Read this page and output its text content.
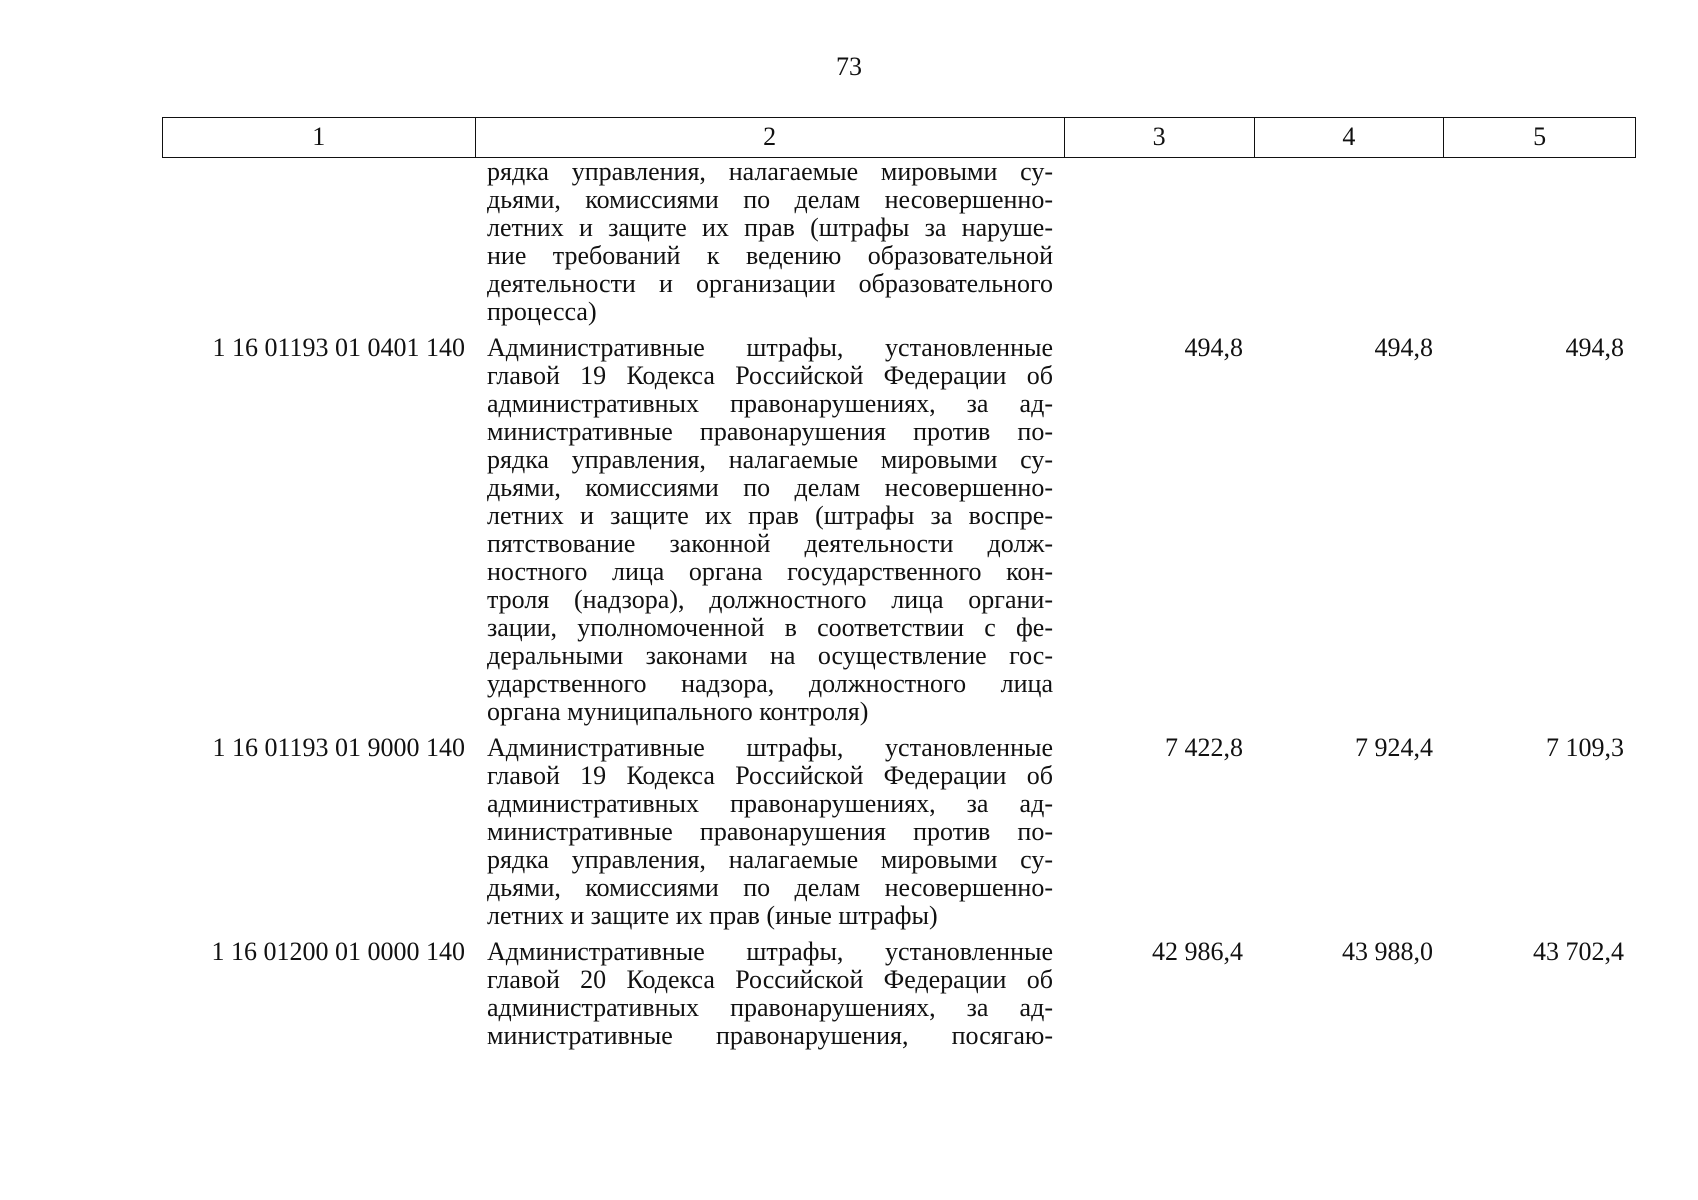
73
1	2	3	4	5
рядка управления, налагаемые мировыми су-
дьями, комиссиями по делам несовершенно-
летних и защите их прав (штрафы за наруше-
ние требований к ведению образовательной
деятельности и организации образовательного
процесса)
1 16 01193 01 0401 140 Административные штрафы, установленные
главой 19 Кодекса Российской Федерации об
административных правонарушениях, за ад-
министративные правонарушения против по-
рядка управления, налагаемые мировыми су-
дьями, комиссиями по делам несовершенно-
летних и защите их прав (штрафы за воспре-
пятствование законной деятельности долж-
ностного лица органа государственного кон-
троля (надзора), должностного лица органи-
зации, уполномоченной в соответствии с фе-
деральными законами на осуществление гос-
ударственного надзора, должностного лица
органа муниципального контроля)
494,8	494,8	494,8
1 16 01193 01 9000 140 Административные штрафы, установленные
главой 19 Кодекса Российской Федерации об
административных правонарушениях, за ад-
министративные правонарушения против по-
рядка управления, налагаемые мировыми су-
дьями, комиссиями по делам несовершенно-
летних и защите их прав (иные штрафы)
7 422,8	7 924,4	7 109,3
1 16 01200 01 0000 140 Административные штрафы, установленные
главой 20 Кодекса Российской Федерации об
административных правонарушениях, за ад-
министративные правонарушения, посягаю-
42 986,4	43 988,0	43 702,4
